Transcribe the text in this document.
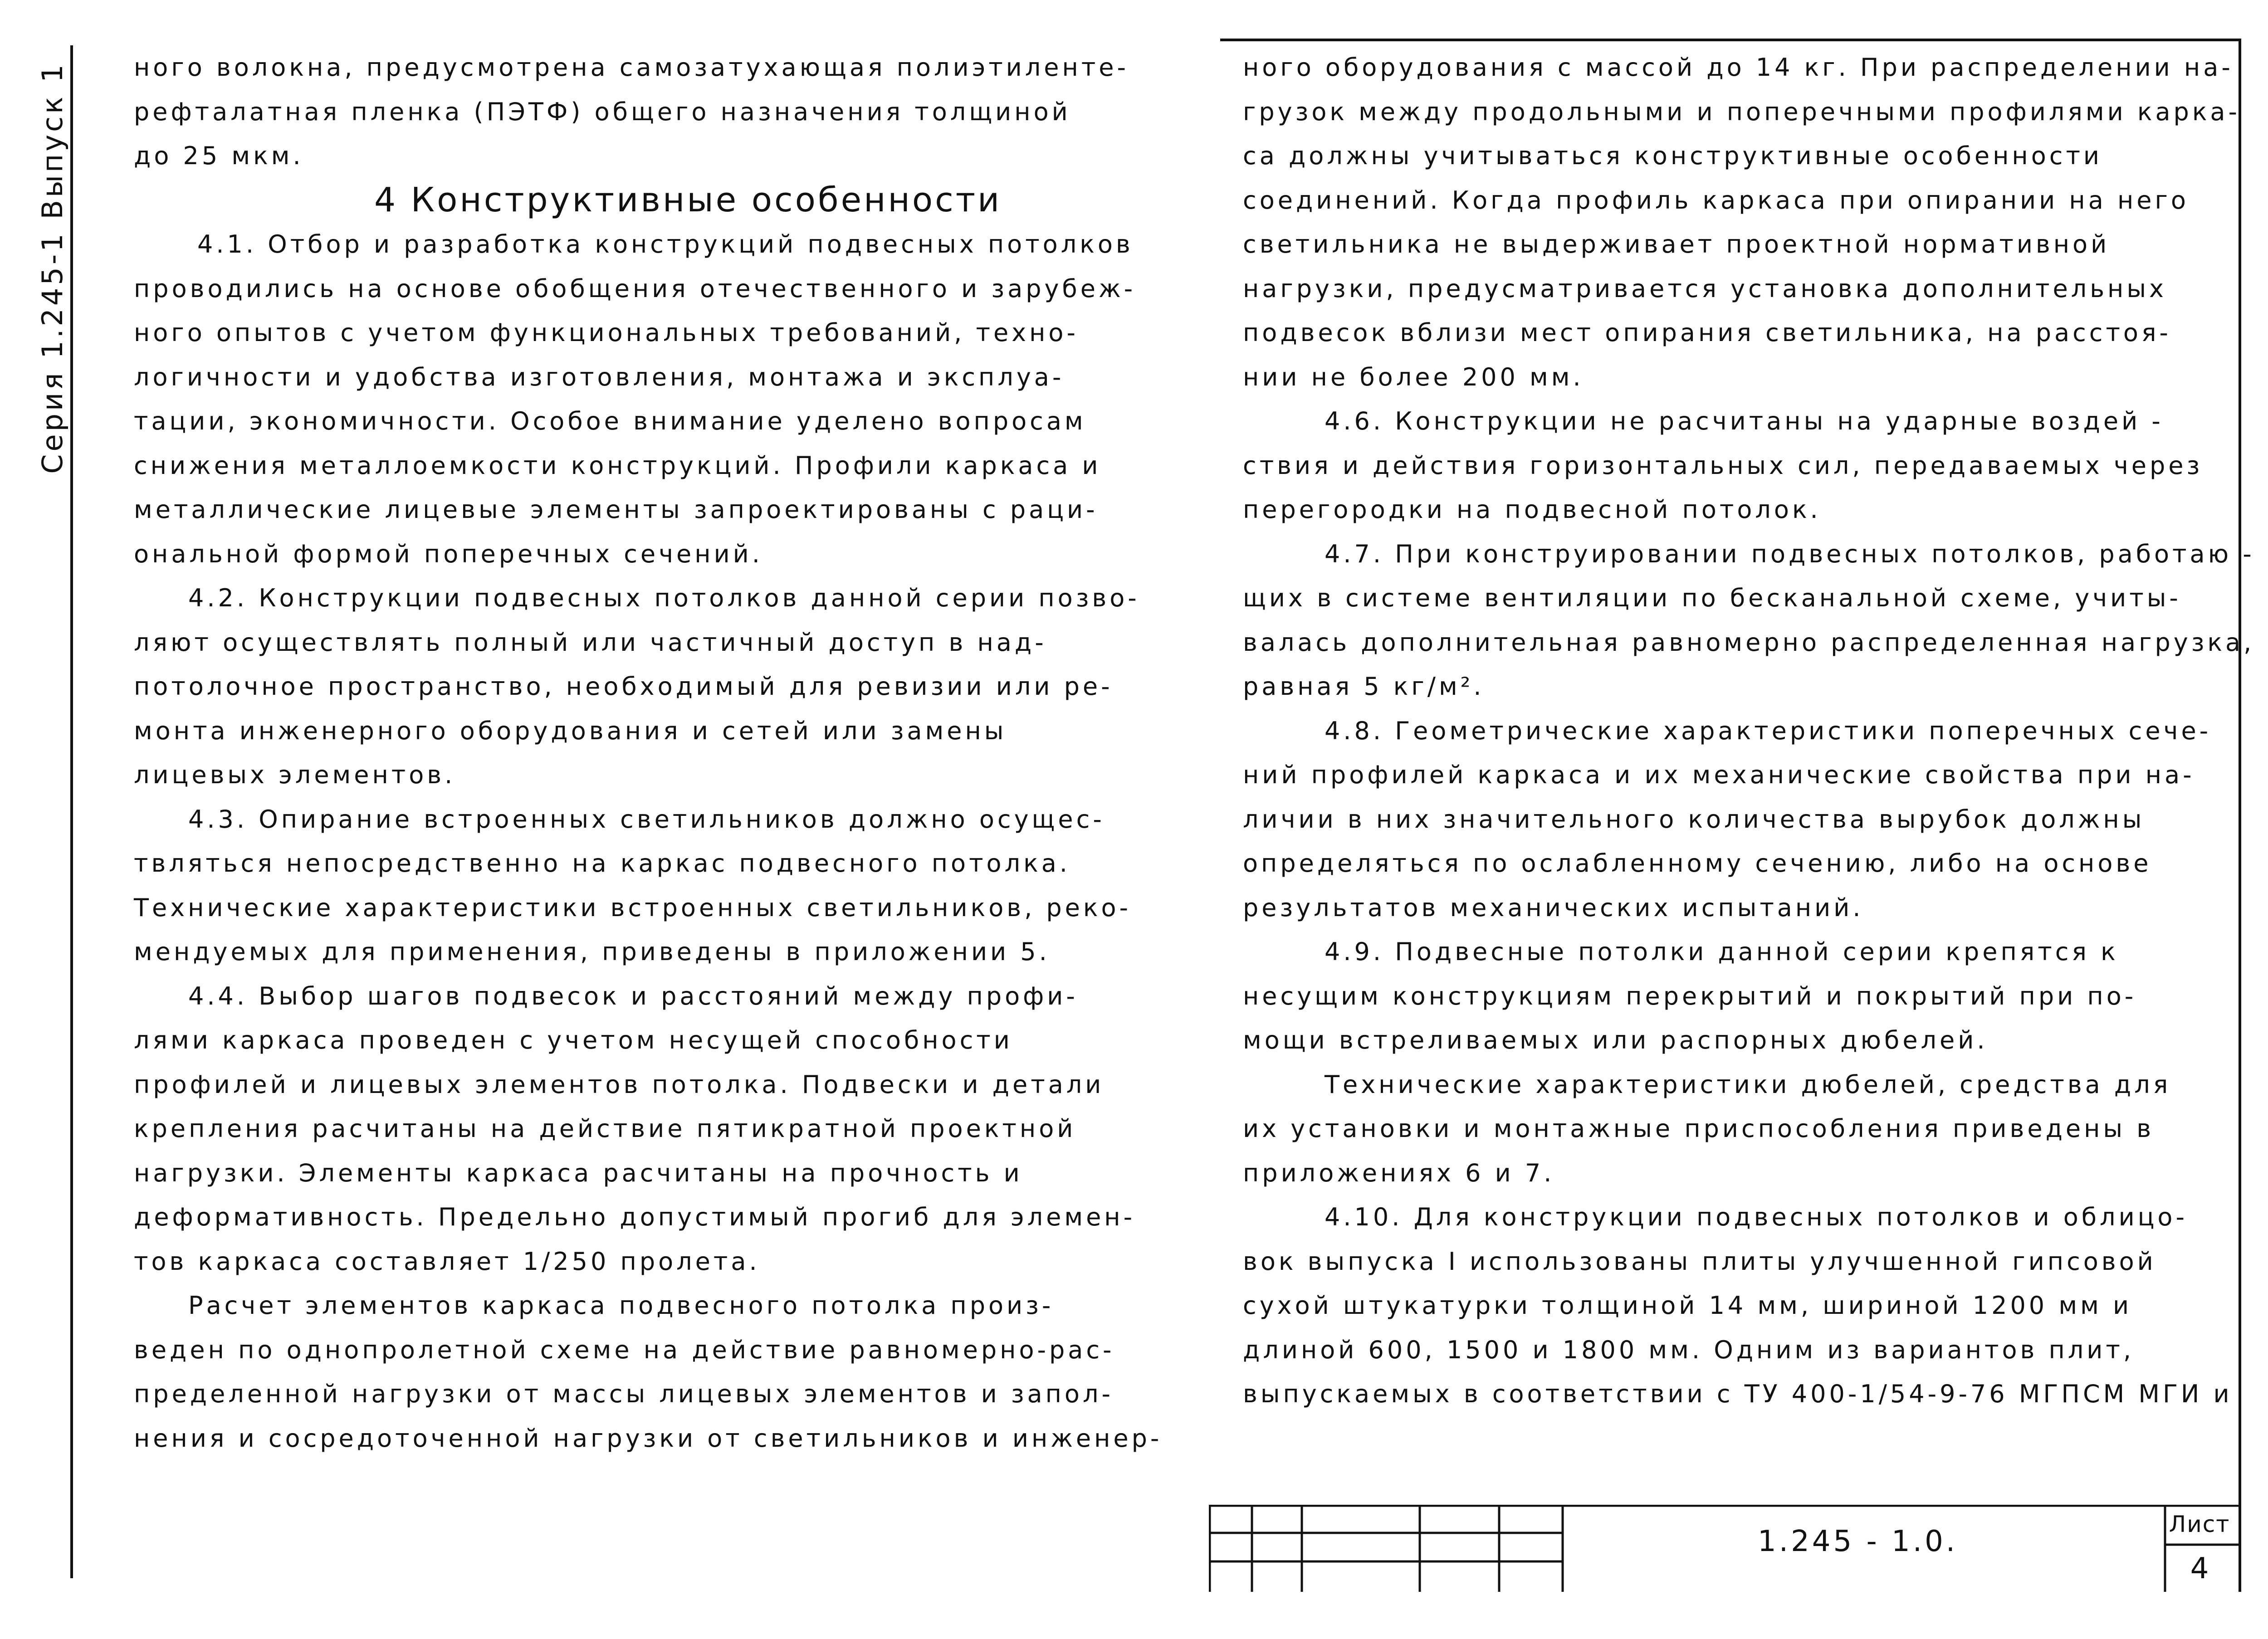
Серия 1.245-1 Выпуск 1	ного волокна, предусмотрена самозатухающая полиэтиленте-

рефталатная пленка (ПЭТФ) общего назначения толщиной

до 25 мкм.

4 Конструктивные особенности

4.1. Отбор и разработка конструкций подвесных потолков

проводились на основе обобщения отечественного и зарубеж-

ного опытов с учетом функциональных требований, техно-

логичности и удобства изготовления, монтажа и эксплуа-

тации, экономичности. Особое внимание уделено вопросам

снижения металлоемкости конструкций. Профили каркаса и

металлические лицевые элементы запроектированы с раци-

ональной формой поперечных сечений.

4.2. Конструкции подвесных потолков данной серии позво-

ляют осуществлять полный или частичный доступ в над-

потолочное пространство, необходимый для ревизии или ре-

монта инженерного оборудования и сетей или замены

лицевых элементов.

4.3. Опирание встроенных светильников должно осущес-

твляться непосредственно на каркас подвесного потолка.

Технические характеристики встроенных светильников, реко-

мендуемых для применения, приведены в приложении 5.

4.4. Выбор шагов подвесок и расстояний между профи-

лями каркаса проведен с учетом несущей способности

профилей и лицевых элементов потолка. Подвески и детали

крепления расчитаны на действие пятикратной проектной

нагрузки. Элементы каркаса расчитаны на прочность и

деформативность. Предельно допустимый прогиб для элемен-

тов каркаса составляет 1/250 пролета.

Расчет элементов каркаса подвесного потолка произ-

веден по однопролетной схеме на действие равномерно-рас-

пределенной нагрузки от массы лицевых элементов и запол-

нения и сосредоточенной нагрузки от светильников и инженер-

ного оборудования с массой до 14 кг. При распределении на-

грузок между продольными и поперечными профилями карка-

са должны учитываться конструктивные особенности

соединений. Когда профиль каркаса при опирании на него

светильника не выдерживает проектной нормативной

нагрузки, предусматривается установка дополнительных

подвесок вблизи мест опирания светильника, на расстоя-

нии не более 200 мм.

4.6. Конструкции не расчитаны на ударные воздей -

ствия и действия горизонтальных сил, передаваемых через

перегородки на подвесной потолок.

4.7. При конструировании подвесных потолков, работаю -

щих в системе вентиляции по бесканальной схеме, учиты-

валась дополнительная равномерно распределенная нагрузка,

равная 5 кг/м².

4.8. Геометрические характеристики поперечных сече-

ний профилей каркаса и их механические свойства при на-

личии в них значительного количества вырубок должны

определяться по ослабленному сечению, либо на основе

результатов механических испытаний.

4.9. Подвесные потолки данной серии крепятся к

несущим конструкциям перекрытий и покрытий при по-

мощи встреливаемых или распорных дюбелей.

Технические характеристики дюбелей, средства для

их установки и монтажные приспособления приведены в

приложениях 6 и 7.

4.10. Для конструкции подвесных потолков и облицо-

вок выпуска I использованы плиты улучшенной гипсовой

сухой штукатурки толщиной 14 мм, шириной 1200 мм и

длиной 600, 1500 и 1800 мм. Одним из вариантов плит,

выпускаемых в соответствии с ТУ 400-1/54-9-76 МГПСМ МГИ и

1.245 - 1.0.
Лист
4
